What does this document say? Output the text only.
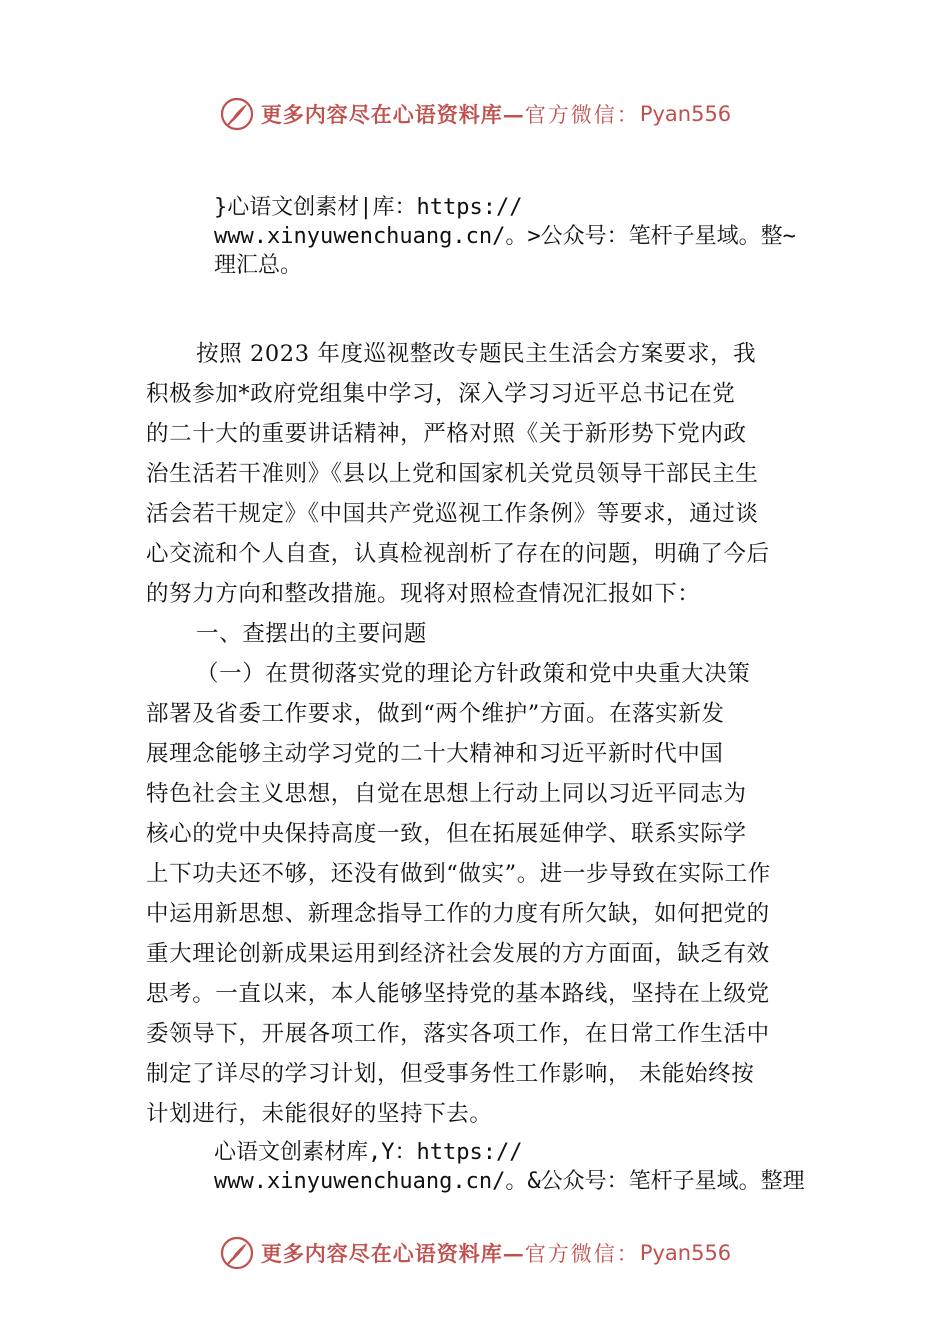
更多内容尽在心语资料库— 官方微信： Pyan556
}心语文创素材|库：https://
www.xinyuwenchuang.cn/。>公众号：笔杆子星域。整~
理汇总。
按照 2023 年度巡视整改专题民主生活会方案要求，我
积极参加*政府党组集中学习，深入学习习近平总书记在党
的二十大的重要讲话精神，严格对照《关于新形势下党内政
治生活若干准则》《县以上党和国家机关党员领导干部民主生
活会若干规定》《中国共产党巡视工作条例》等要求，通过谈
心交流和个人自查，认真检视剖析了存在的问题，明确了今后
的努力方向和整改措施。现将对照检查情况汇报如下：
一、查摆出的主要问题
（一）在贯彻落实党的理论方针政策和党中央重大决策
部署及省委工作要求，做到“两个维护”方面。在落实新发
展理念能够主动学习党的二十大精神和习近平新时代中国
特色社会主义思想，自觉在思想上行动上同以习近平同志为
核心的党中央保持高度一致，但在拓展延伸学、联系实际学
上下功夫还不够，还没有做到“做实”。进一步导致在实际工作
中运用新思想、新理念指导工作的力度有所欠缺，如何把党的
重大理论创新成果运用到经济社会发展的方方面面，缺乏有效
思考。一直以来，本人能够坚持党的基本路线，坚持在上级党
委领导下，开展各项工作，落实各项工作，在日常工作生活中
制定了详尽的学习计划，但受事务性工作影响， 未能始终按
计划进行，未能很好的坚持下去。
心语文创素材库,Y：https://
www.xinyuwenchuang.cn/。&公众号：笔杆子星域。整理
更多内容尽在心语资料库— 官方微信： Pyan556
